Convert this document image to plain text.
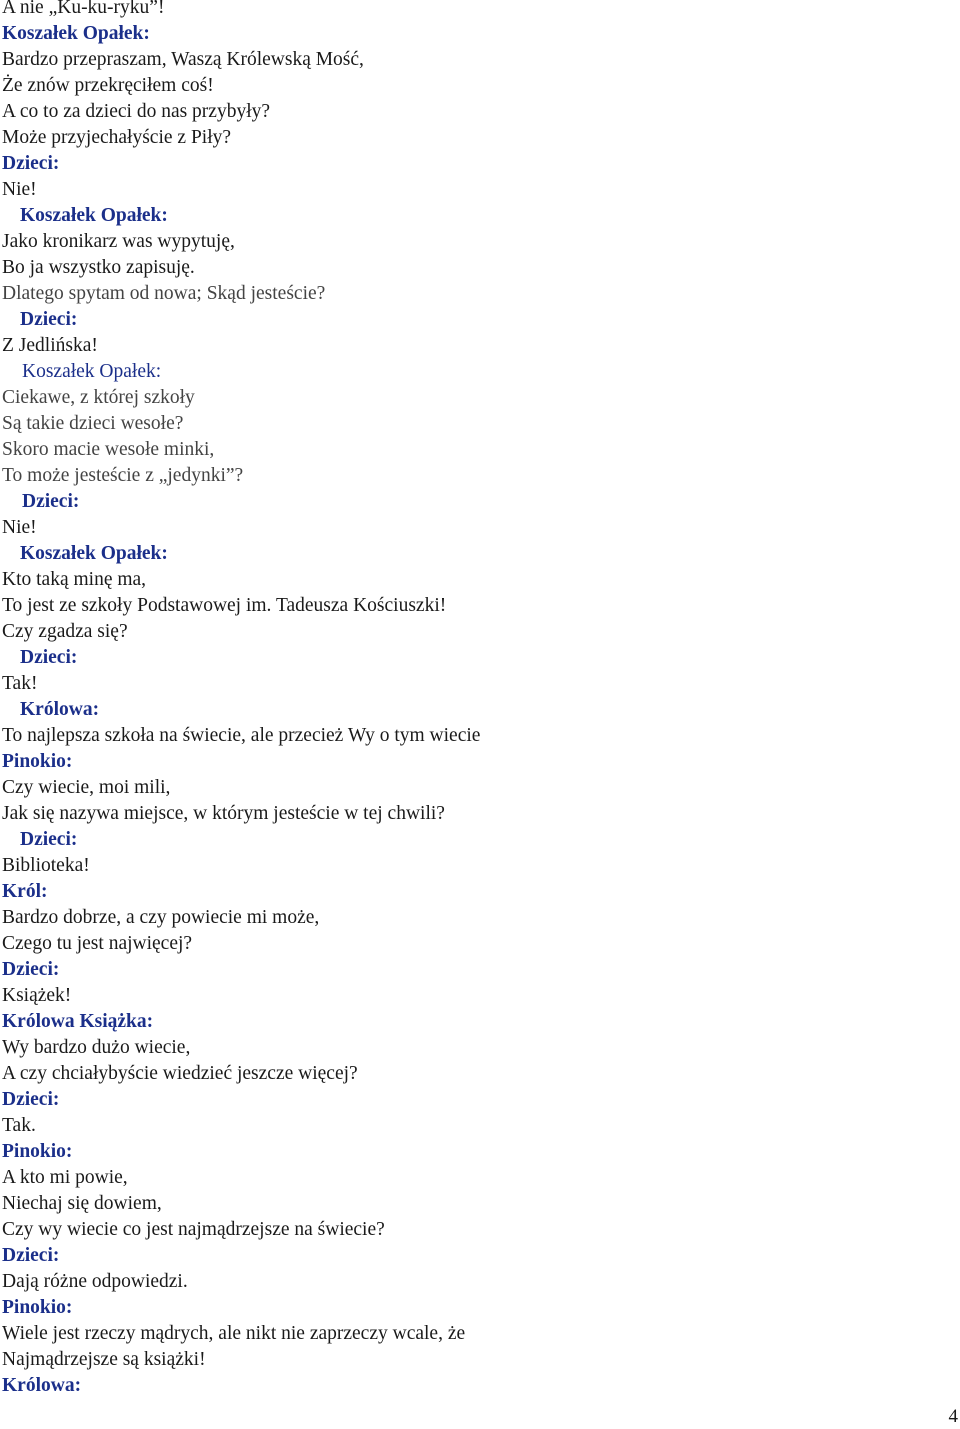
A nie „Ku-ku-ryku”!
Koszałek Opałek:
Bardzo przepraszam, Waszą Królewską Mość,
Że znów przekręciłem coś!
A co to za dzieci do nas przybyły?
Może przyjechałyście z Piły?
Dzieci:
Nie!
Koszałek Opałek:
Jako kronikarz was wypytuję,
Bo ja wszystko zapisuję.
Dlatego spytam od nowa; Skąd jesteście?
Dzieci:
Z Jedlińska!
Koszałek Opałek:
Ciekawe, z której szkoły
Są takie dzieci wesołe?
Skoro macie wesołe minki,
To może jesteście z „jedynki”?
Dzieci:
Nie!
Koszałek Opałek:
Kto taką minę ma,
To jest ze szkoły Podstawowej im. Tadeusza Kościuszki!
Czy zgadza się?
Dzieci:
Tak!
Królowa:
To najlepsza szkoła na świecie, ale przecież Wy o tym wiecie
Pinokio:
Czy wiecie, moi mili,
Jak się nazywa miejsce, w którym jesteście w tej chwili?
Dzieci:
Biblioteka!
Król:
Bardzo dobrze, a czy powiecie mi może,
Czego tu jest najwięcej?
Dzieci:
Książek!
Królowa Książka:
Wy bardzo dużo wiecie,
A czy chciałybyście wiedzieć jeszcze więcej?
Dzieci:
Tak.
Pinokio:
A kto mi powie,
Niechaj się dowiem,
Czy wy wiecie co jest najmądrzejsze na świecie?
Dzieci:
Dają różne odpowiedzi.
Pinokio:
Wiele jest rzeczy mądrych, ale nikt nie zaprzeczy wcale, że
Najmądrzejsze są książki!
Królowa:
4
